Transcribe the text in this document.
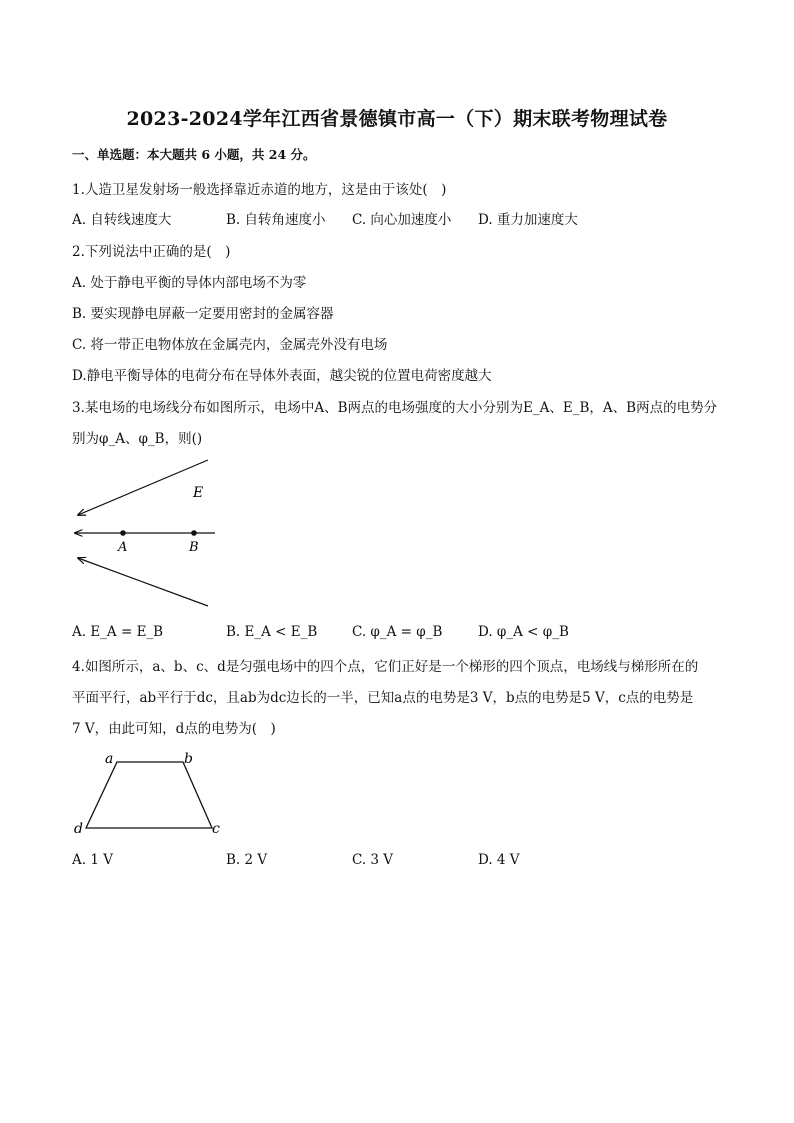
2023-2024学年江西省景德镇市高一（下）期末联考物理试卷
一、单选题：本大题共 6 小题，共 24 分。
1.人造卫星发射场一般选择靠近赤道的地方，这是由于该处(　)
A. 自转线速度大	B. 自转角速度小 C. 向心加速度小 D. 重力加速度大
2.下列说法中正确的是(　)
A. 处于静电平衡的导体内部电场不为零
B. 要实现静电屏蔽一定要用密封的金属容器
C. 将一带正电物体放在金属壳内，金属壳外没有电场
D.静电平衡导体的电荷分布在导体外表面，越尖锐的位置电荷密度越大
3.某电场的电场线分布如图所示，电场中A、B两点的电场强度的大小分别为E_A、E_B，A、B两点的电势分
别为φ_A、φ_B，则()
E
A	B
a	b
c
d
A. E_A = E_B	B. E_A < E_B	C. φ_A = φ_B	D. φ_A < φ_B
4.如图所示，a、b、c、d是匀强电场中的四个点，它们正好是一个梯形的四个顶点，电场线与梯形所在的
平面平行，ab平行于dc，且ab为dc边长的一半，已知a点的电势是3 V，b点的电势是5 V，c点的电势是
7 V，由此可知，d点的电势为(　)
A. 1 V	B. 2 V	C. 3 V	D. 4 V
